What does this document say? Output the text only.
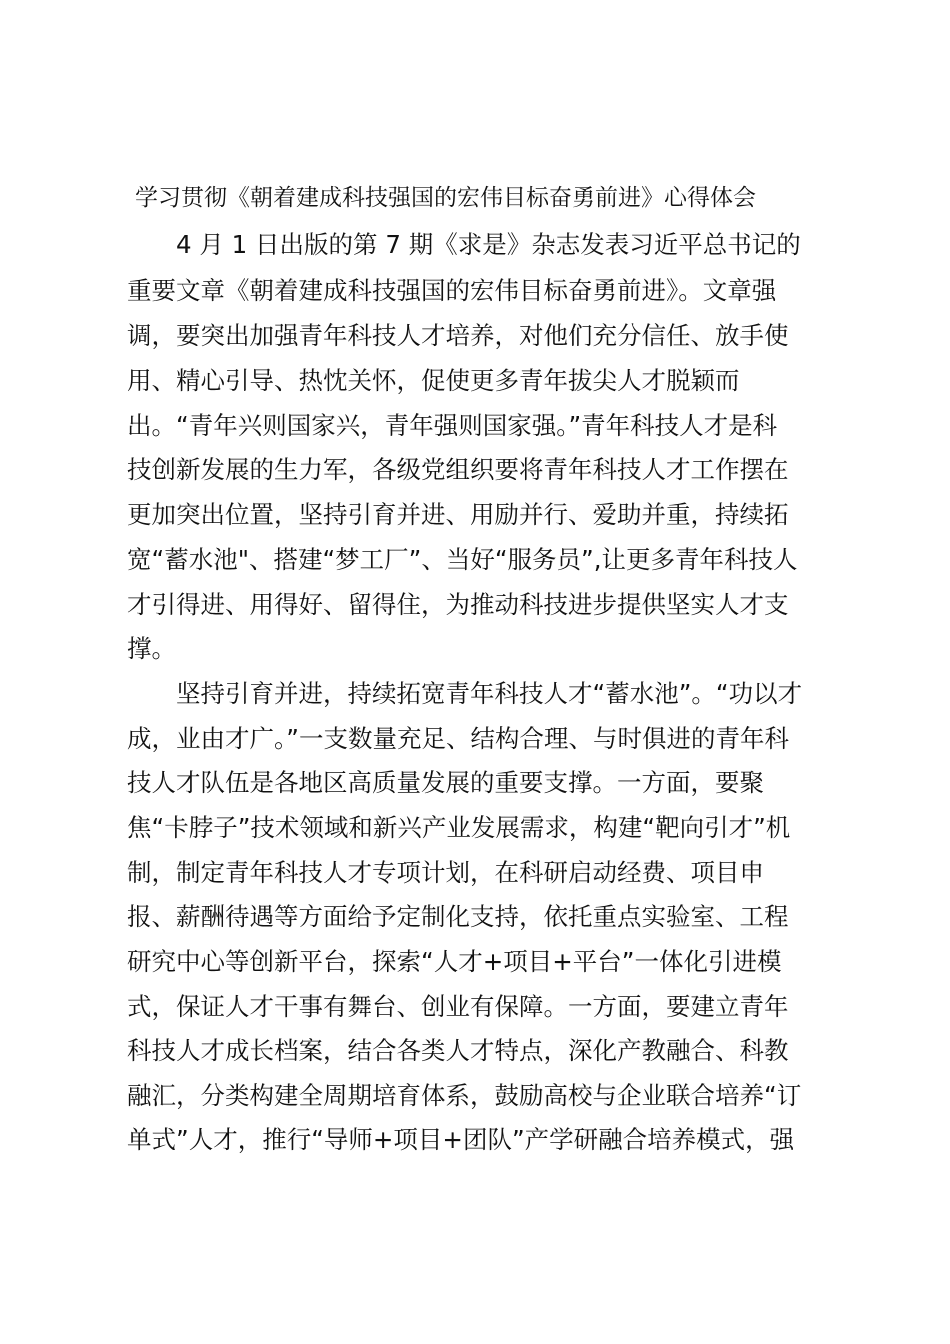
学习贯彻《朝着建成科技强国的宏伟目标奋勇前进》心得体会
4 月 1 日出版的第 7 期《求是》杂志发表习近平总书记的
重要文章《朝着建成科技强国的宏伟目标奋勇前进》。文章强
调，要突出加强青年科技人才培养，对他们充分信任、放手使
用、精心引导、热忱关怀，促使更多青年拔尖人才脱颖而
出。“青年兴则国家兴，青年强则国家强。”青年科技人才是科
技创新发展的生力军，各级党组织要将青年科技人才工作摆在
更加突出位置，坚持引育并进、用励并行、爱助并重，持续拓
宽“蓄水池"、搭建“梦工厂”、当好“服务员”,让更多青年科技人
才引得进、用得好、留得住，为推动科技进步提供坚实人才支
撑。
坚持引育并进，持续拓宽青年科技人才“蓄水池”。“功以才
成，业由才广。”一支数量充足、结构合理、与时俱进的青年科
技人才队伍是各地区高质量发展的重要支撑。一方面，要聚
焦“卡脖子”技术领域和新兴产业发展需求，构建“靶向引才”机
制，制定青年科技人才专项计划，在科研启动经费、项目申
报、薪酬待遇等方面给予定制化支持，依托重点实验室、工程
研究中心等创新平台，探索“人才+项目+平台”一体化引进模
式，保证人才干事有舞台、创业有保障。一方面，要建立青年
科技人才成长档案，结合各类人才特点，深化产教融合、科教
融汇，分类构建全周期培育体系，鼓励高校与企业联合培养“订
单式”人才，推行“导师+项目+团队”产学研融合培养模式，强
